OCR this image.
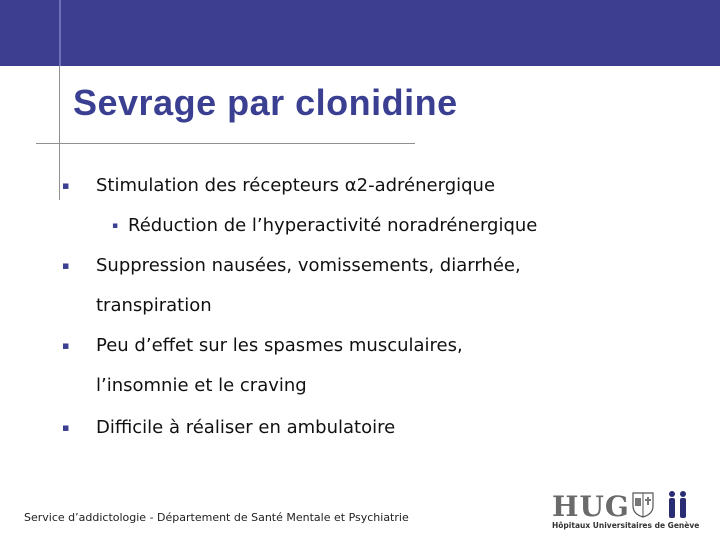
Sevrage par clonidine
▪ Stimulation des récepteurs α2-adrénergique
▪ Réduction de l’hyperactivité noradrénergique
▪ Suppression nausées, vomissements, diarrhée,
transpiration
▪ Peu d’effet sur les spasmes musculaires,
l’insomnie et le craving
▪ Difficile à réaliser en ambulatoire
Service d’addictologie - Département de Santé Mentale et Psychiatrie	HUG
Hôpitaux Universitaires de Genève
